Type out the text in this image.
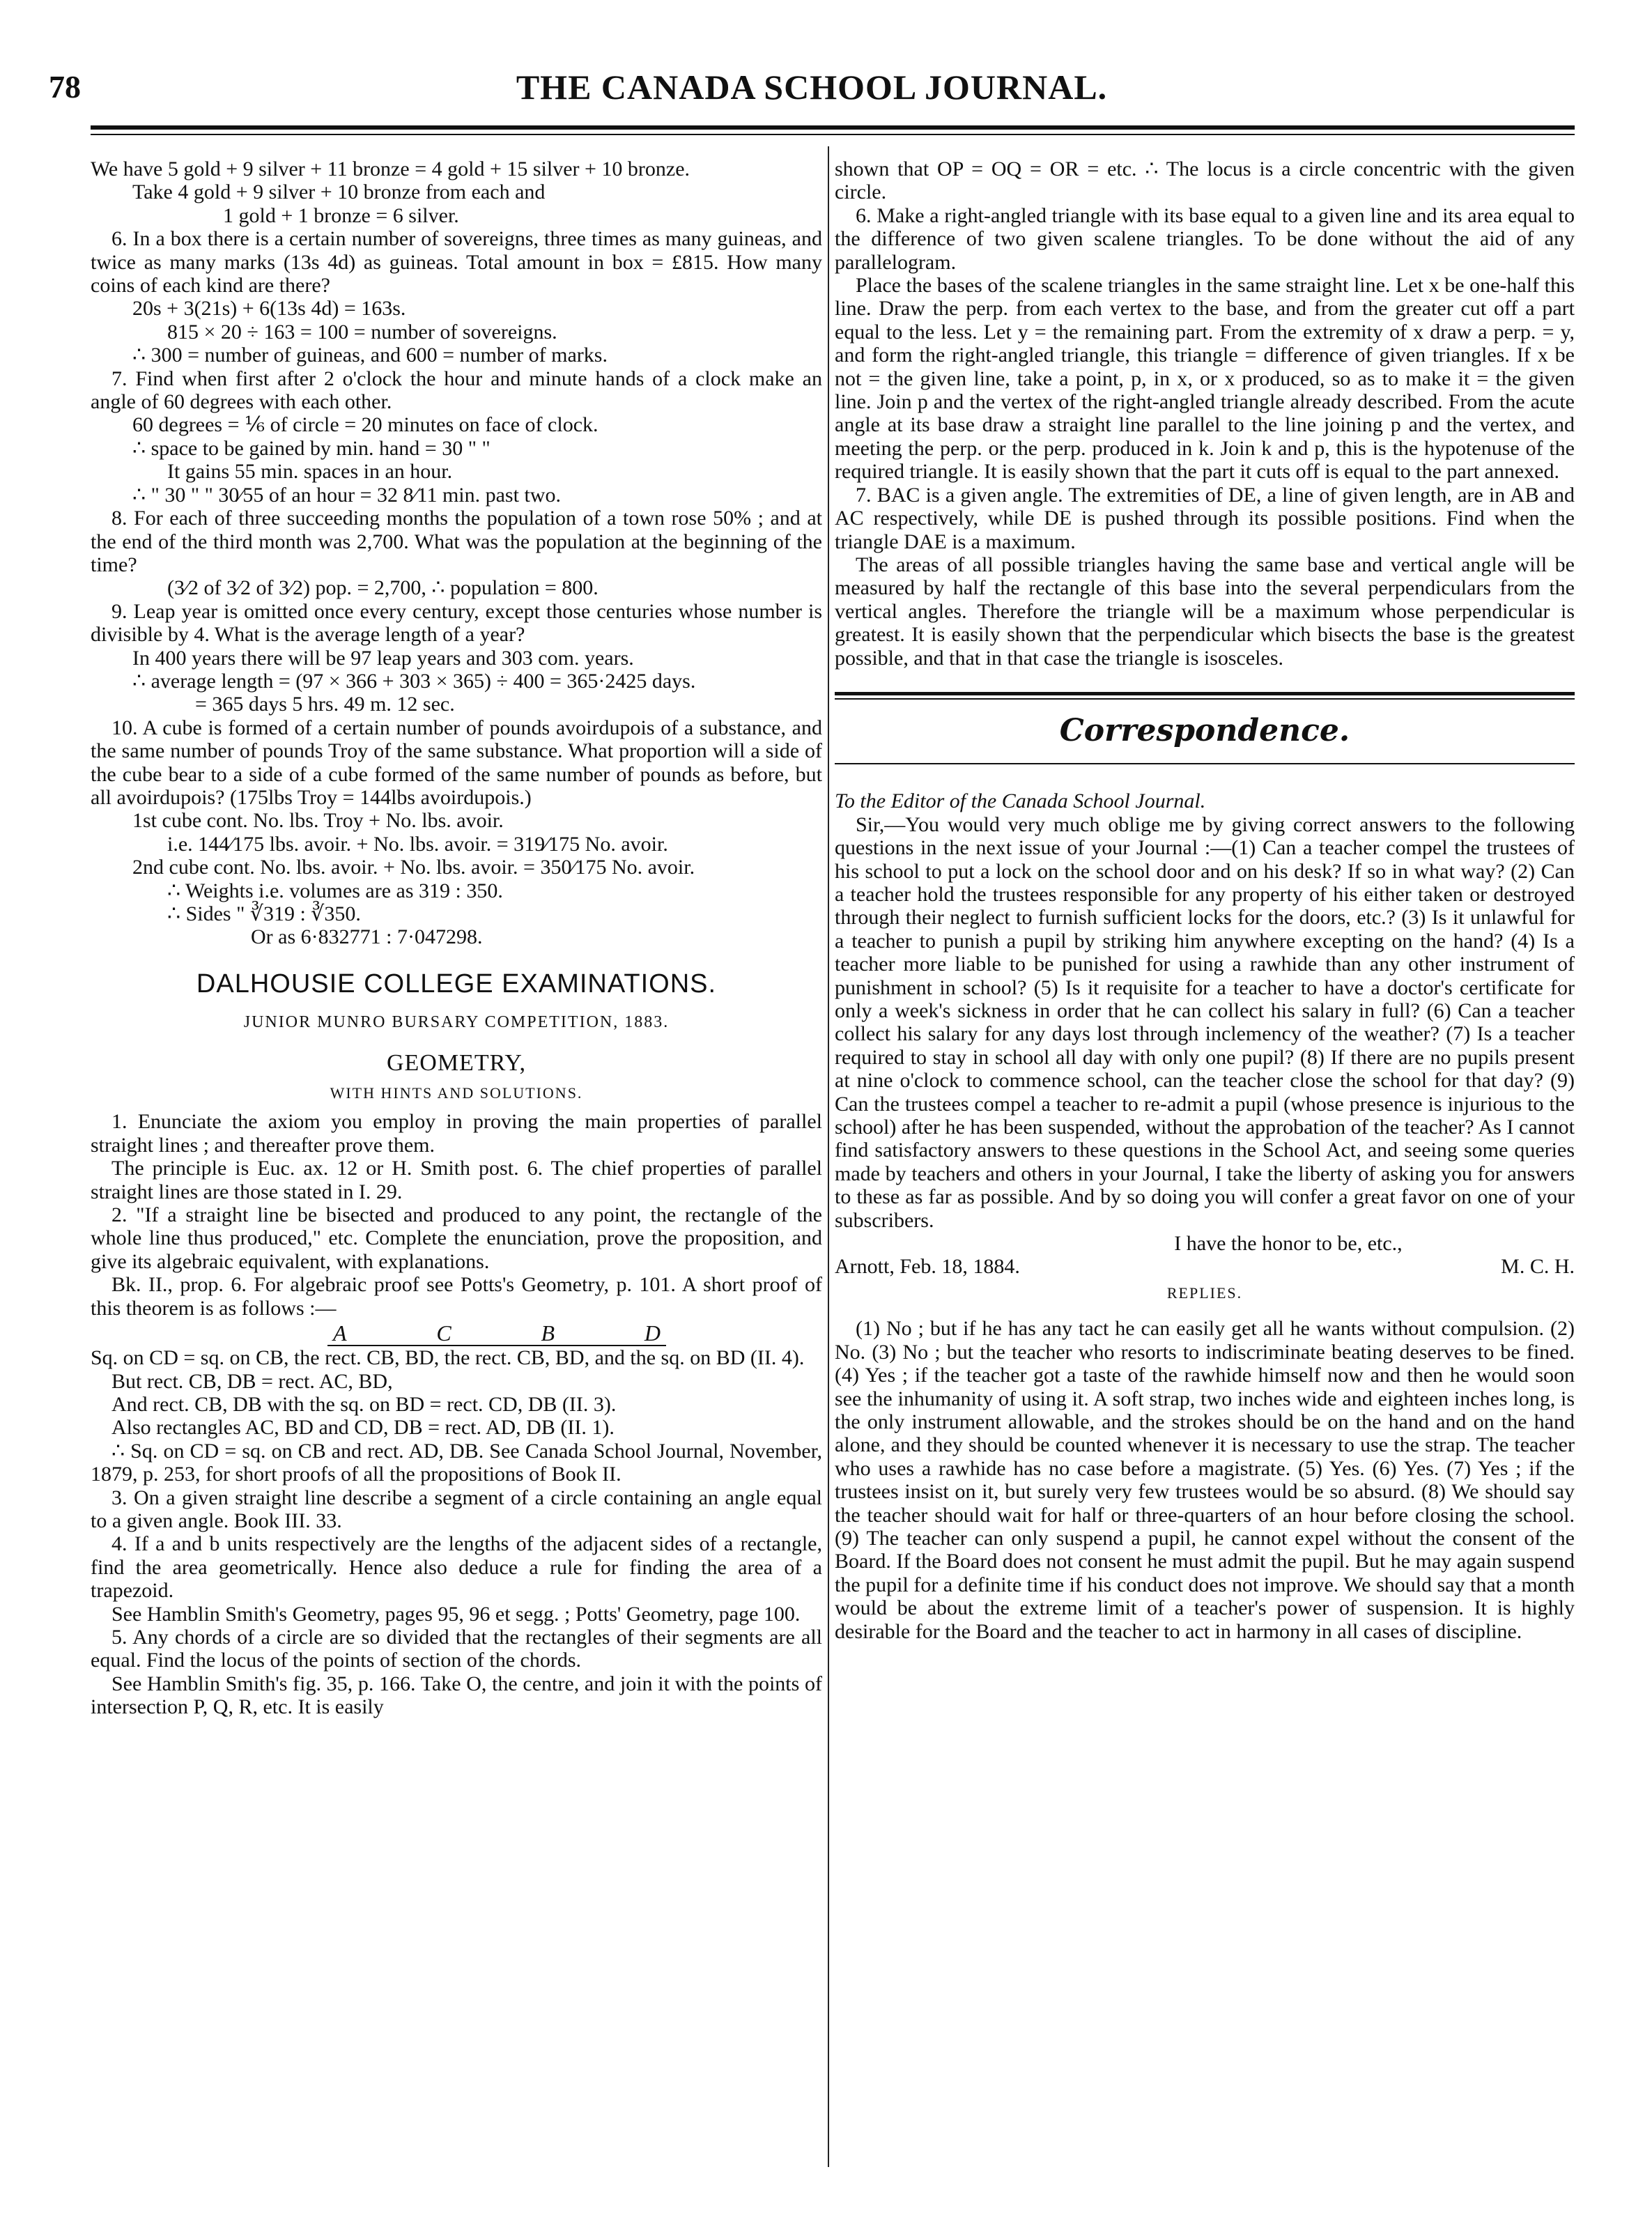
78	THE CANADA SCHOOL JOURNAL.

We have 5 gold + 9 silver + 11 bronze = 4 gold + 15 silver + 10 bronze.

Take 4 gold + 9 silver + 10 bronze from each and

1 gold + 1 bronze = 6 silver.

6. In a box there is a certain number of sovereigns, three times as many guineas, and twice as many marks (13s 4d) as guineas. Total amount in box = £815. How many coins of each kind are there?

20s + 3(21s) + 6(13s 4d) = 163s.

815 × 20 ÷ 163 = 100 = number of sovereigns.

∴ 300 = number of guineas, and 600 = number of marks.

7. Find when first after 2 o'clock the hour and minute hands of a clock make an angle of 60 degrees with each other.

60 degrees = ⅙ of circle = 20 minutes on face of clock.

∴ space to be gained by min. hand = 30 " "

It gains 55 min. spaces in an hour.

∴ " 30 " " 30⁄55 of an hour = 32 8⁄11 min. past two.

8. For each of three succeeding months the population of a town rose 50% ; and at the end of the third month was 2,700. What was the population at the beginning of the time?

(3⁄2 of 3⁄2 of 3⁄2) pop. = 2,700, ∴ population = 800.

9. Leap year is omitted once every century, except those centuries whose number is divisible by 4. What is the average length of a year?

In 400 years there will be 97 leap years and 303 com. years.

∴ average length = (97 × 366 + 303 × 365) ÷ 400 = 365·2425 days.

= 365 days 5 hrs. 49 m. 12 sec.

10. A cube is formed of a certain number of pounds avoirdupois of a substance, and the same number of pounds Troy of the same substance. What proportion will a side of the cube bear to a side of a cube formed of the same number of pounds as before, but all avoirdupois? (175lbs Troy = 144lbs avoirdupois.)

1st cube cont. No. lbs. Troy + No. lbs. avoir.

i.e. 144⁄175 lbs. avoir. + No. lbs. avoir. = 319⁄175 No. avoir.

2nd cube cont. No. lbs. avoir. + No. lbs. avoir. = 350⁄175 No. avoir.

∴ Weights i.e. volumes are as 319 : 350.

∴ Sides " ∛319 : ∛350.

Or as 6·832771 : 7·047298.

DALHOUSIE COLLEGE EXAMINATIONS.
JUNIOR MUNRO BURSARY COMPETITION, 1883.
GEOMETRY,
WITH HINTS AND SOLUTIONS.

1. Enunciate the axiom you employ in proving the main properties of parallel straight lines ; and thereafter prove them.

The principle is Euc. ax. 12 or H. Smith post. 6. The chief properties of parallel straight lines are those stated in I. 29.

2. "If a straight line be bisected and produced to any point, the rectangle of the whole line thus produced," etc. Complete the enunciation, prove the proposition, and give its algebraic equivalent, with explanations.

Bk. II., prop. 6. For algebraic proof see Potts's Geometry, p. 101. A short proof of this theorem is as follows :—

A	C	B	D

Sq. on CD = sq. on CB, the rect. CB, BD, the rect. CB, BD, and the sq. on BD (II. 4).

But rect. CB, DB = rect. AC, BD,

And rect. CB, DB with the sq. on BD = rect. CD, DB (II. 3).

Also rectangles AC, BD and CD, DB = rect. AD, DB (II. 1).

∴ Sq. on CD = sq. on CB and rect. AD, DB. See Canada School Journal, November, 1879, p. 253, for short proofs of all the propositions of Book II.

3. On a given straight line describe a segment of a circle containing an angle equal to a given angle. Book III. 33.

4. If a and b units respectively are the lengths of the adjacent sides of a rectangle, find the area geometrically. Hence also deduce a rule for finding the area of a trapezoid.

See Hamblin Smith's Geometry, pages 95, 96 et segg. ; Potts' Geometry, page 100.

5. Any chords of a circle are so divided that the rectangles of their segments are all equal. Find the locus of the points of section of the chords.

See Hamblin Smith's fig. 35, p. 166. Take O, the centre, and join it with the points of intersection P, Q, R, etc. It is easily

shown that OP = OQ = OR = etc. ∴ The locus is a circle concentric with the given circle.

6. Make a right-angled triangle with its base equal to a given line and its area equal to the difference of two given scalene triangles. To be done without the aid of any parallelogram.

Place the bases of the scalene triangles in the same straight line. Let x be one-half this line. Draw the perp. from each vertex to the base, and from the greater cut off a part equal to the less. Let y = the remaining part. From the extremity of x draw a perp. = y, and form the right-angled triangle, this triangle = difference of given triangles. If x be not = the given line, take a point, p, in x, or x produced, so as to make it = the given line. Join p and the vertex of the right-angled triangle already described. From the acute angle at its base draw a straight line parallel to the line joining p and the vertex, and meeting the perp. or the perp. produced in k. Join k and p, this is the hypotenuse of the required triangle. It is easily shown that the part it cuts off is equal to the part annexed.

7. BAC is a given angle. The extremities of DE, a line of given length, are in AB and AC respectively, while DE is pushed through its possible positions. Find when the triangle DAE is a maximum.

The areas of all possible triangles having the same base and vertical angle will be measured by half the rectangle of this base into the several perpendiculars from the vertical angles. Therefore the triangle will be a maximum whose perpendicular is greatest. It is easily shown that the perpendicular which bisects the base is the greatest possible, and that in that case the triangle is isosceles.

Correspondence.

To the Editor of the Canada School Journal.

Sir,—You would very much oblige me by giving correct answers to the following questions in the next issue of your Journal :—(1) Can a teacher compel the trustees of his school to put a lock on the school door and on his desk? If so in what way? (2) Can a teacher hold the trustees responsible for any property of his either taken or destroyed through their neglect to furnish sufficient locks for the doors, etc.? (3) Is it unlawful for a teacher to punish a pupil by striking him anywhere excepting on the hand? (4) Is a teacher more liable to be punished for using a rawhide than any other instrument of punishment in school? (5) Is it requisite for a teacher to have a doctor's certificate for only a week's sickness in order that he can collect his salary in full? (6) Can a teacher collect his salary for any days lost through inclemency of the weather? (7) Is a teacher required to stay in school all day with only one pupil? (8) If there are no pupils present at nine o'clock to commence school, can the teacher close the school for that day? (9) Can the trustees compel a teacher to re-admit a pupil (whose presence is injurious to the school) after he has been suspended, without the approbation of the teacher? As I cannot find satisfactory answers to these questions in the School Act, and seeing some queries made by teachers and others in your Journal, I take the liberty of asking you for answers to these as far as possible. And by so doing you will confer a great favor on one of your subscribers.

I have the honor to be, etc.,

Arnott, Feb. 18, 1884.	M. C. H.
REPLIES.

(1) No ; but if he has any tact he can easily get all he wants without compulsion. (2) No. (3) No ; but the teacher who resorts to indiscriminate beating deserves to be fined. (4) Yes ; if the teacher got a taste of the rawhide himself now and then he would soon see the inhumanity of using it. A soft strap, two inches wide and eighteen inches long, is the only instrument allowable, and the strokes should be on the hand and on the hand alone, and they should be counted whenever it is necessary to use the strap. The teacher who uses a rawhide has no case before a magistrate. (5) Yes. (6) Yes. (7) Yes ; if the trustees insist on it, but surely very few trustees would be so absurd. (8) We should say the teacher should wait for half or three-quarters of an hour before closing the school. (9) The teacher can only suspend a pupil, he cannot expel without the consent of the Board. If the Board does not consent he must admit the pupil. But he may again suspend the pupil for a definite time if his conduct does not improve. We should say that a month would be about the extreme limit of a teacher's power of suspension. It is highly desirable for the Board and the teacher to act in harmony in all cases of discipline.
